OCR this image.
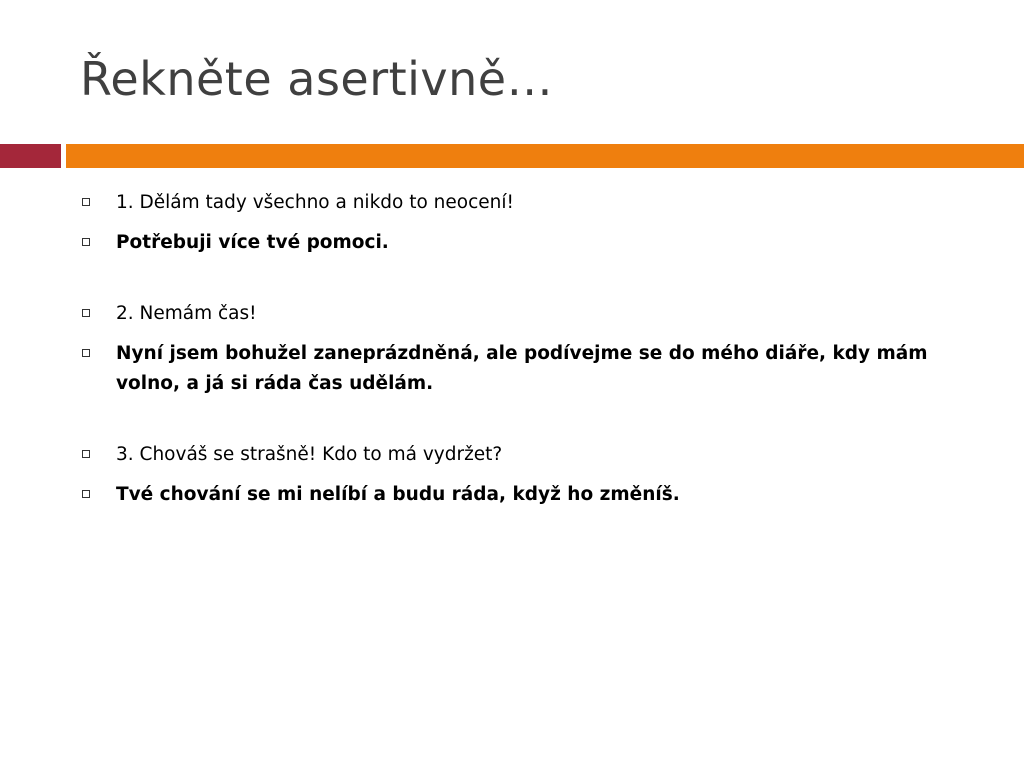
Řekněte asertivně…
1. Dělám tady všechno a nikdo to neocení!
Potřebuji více tvé pomoci.
2. Nemám čas!
Nyní jsem bohužel zaneprázdněná, ale podívejme se do mého diáře, kdy mám volno, a já si ráda čas udělám.
3. Chováš se strašně! Kdo to má vydržet?
Tvé chování se mi nelíbí a budu ráda, když ho změníš.
